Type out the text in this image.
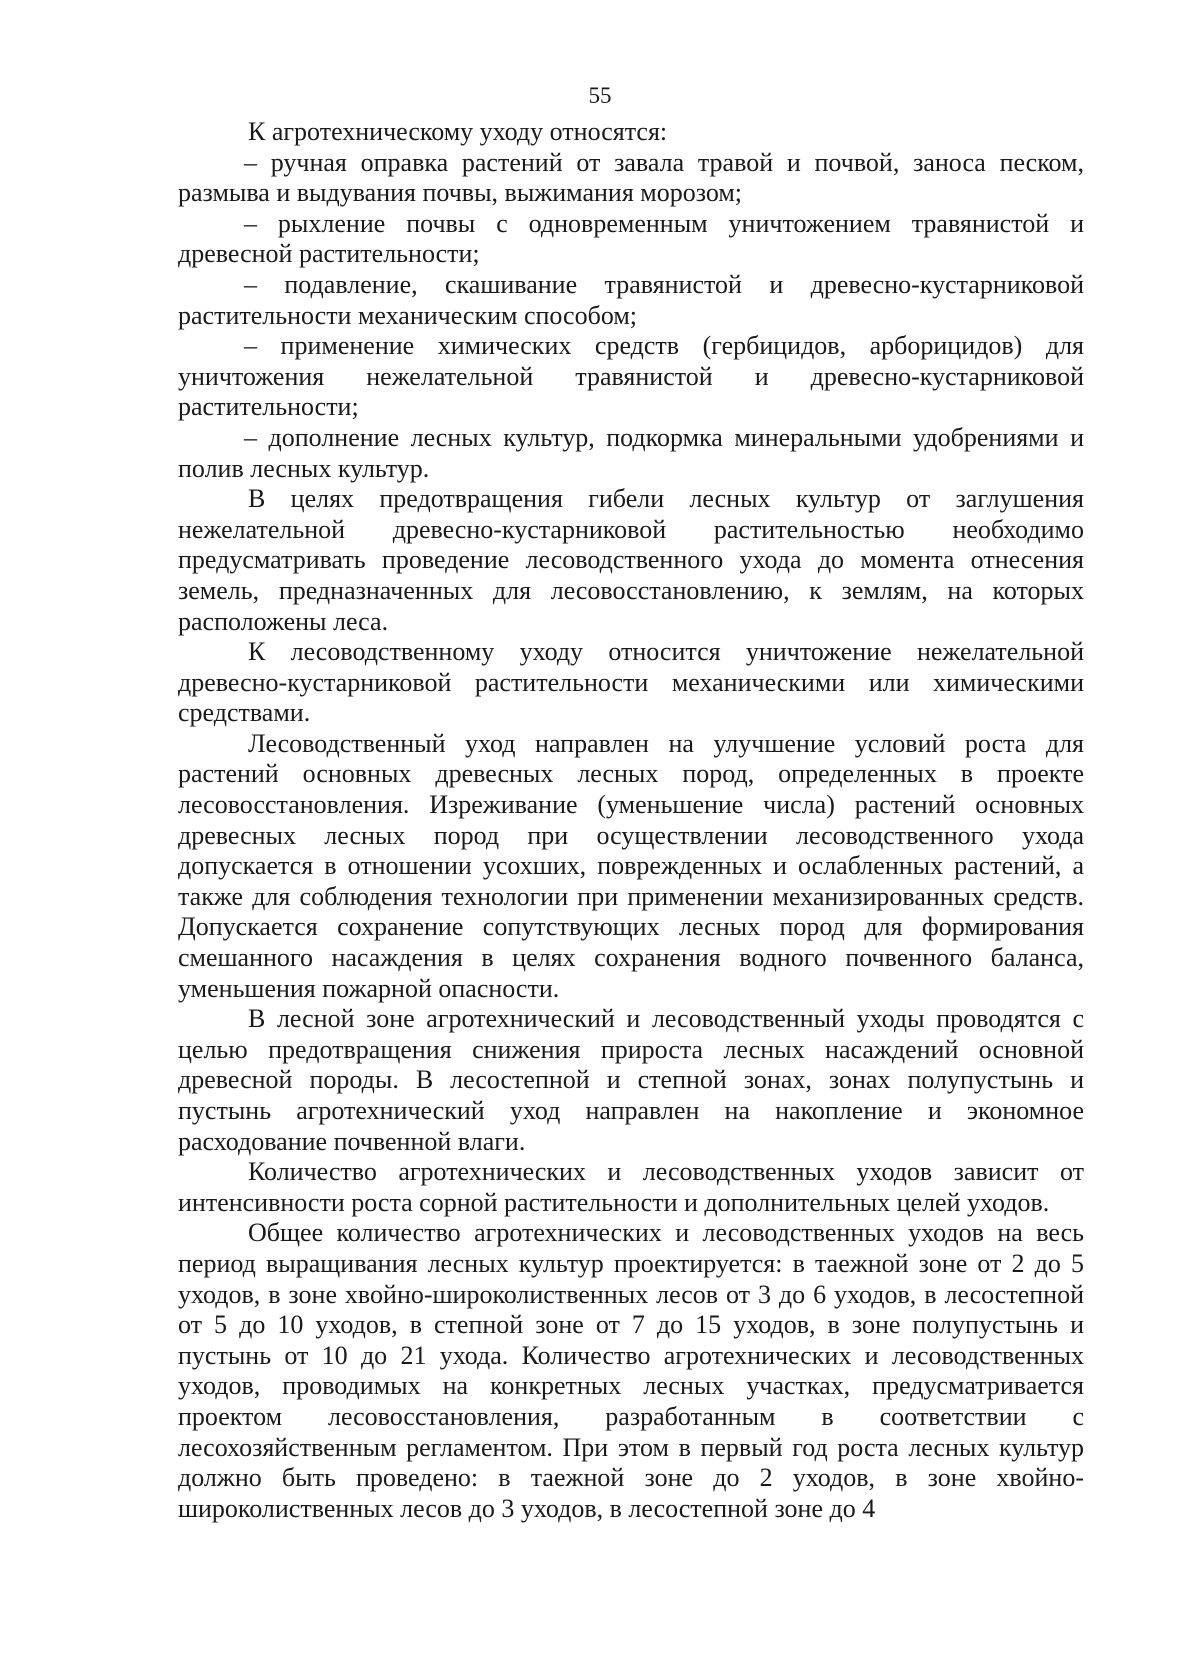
55

К агротехническому уходу относятся:

– ручная оправка растений от завала травой и почвой, заноса песком, размыва и выдувания почвы, выжимания морозом;

– рыхление почвы с одновременным уничтожением травянистой и древесной растительности;

– подавление, скашивание травянистой и древесно-кустарниковой растительности механическим способом;

– применение химических средств (гербицидов, арборицидов) для уничтожения нежелательной травянистой и древесно-кустарниковой растительности;

– дополнение лесных культур, подкормка минеральными удобрениями и полив лесных культур.

В целях предотвращения гибели лесных культур от заглушения нежелательной древесно-кустарниковой растительностью необходимо предусматривать проведение лесоводственного ухода до момента отнесения земель, предназначенных для лесовосстановлению, к землям, на которых расположены леса.

К лесоводственному уходу относится уничтожение нежелательной древесно-кустарниковой растительности механическими или химическими средствами.

Лесоводственный уход направлен на улучшение условий роста для растений основных древесных лесных пород, определенных в проекте лесовосстановления. Изреживание (уменьшение числа) растений основных древесных лесных пород при осуществлении лесоводственного ухода допускается в отношении усохших, поврежденных и ослабленных растений, а также для соблюдения технологии при применении механизированных средств. Допускается сохранение сопутствующих лесных пород для формирования смешанного насаждения в целях сохранения водного почвенного баланса, уменьшения пожарной опасности.

В лесной зоне агротехнический и лесоводственный уходы проводятся с целью предотвращения снижения прироста лесных насаждений основной древесной породы. В лесостепной и степной зонах, зонах полупустынь и пустынь агротехнический уход направлен на накопление и экономное расходование почвенной влаги.

Количество агротехнических и лесоводственных уходов зависит от интенсивности роста сорной растительности и дополнительных целей уходов.

Общее количество агротехнических и лесоводственных уходов на весь период выращивания лесных культур проектируется: в таежной зоне от 2 до 5 уходов, в зоне хвойно-широколиственных лесов от 3 до 6 уходов, в лесостепной от 5 до 10 уходов, в степной зоне от 7 до 15 уходов, в зоне полупустынь и пустынь от 10 до 21 ухода. Количество агротехнических и лесоводственных уходов, проводимых на конкретных лесных участках, предусматривается проектом лесовосстановления, разработанным в соответствии с лесохозяйственным регламентом. При этом в первый год роста лесных культур должно быть проведено: в таежной зоне до 2 уходов, в зоне хвойно-широколиственных лесов до 3 уходов, в лесостепной зоне до 4
